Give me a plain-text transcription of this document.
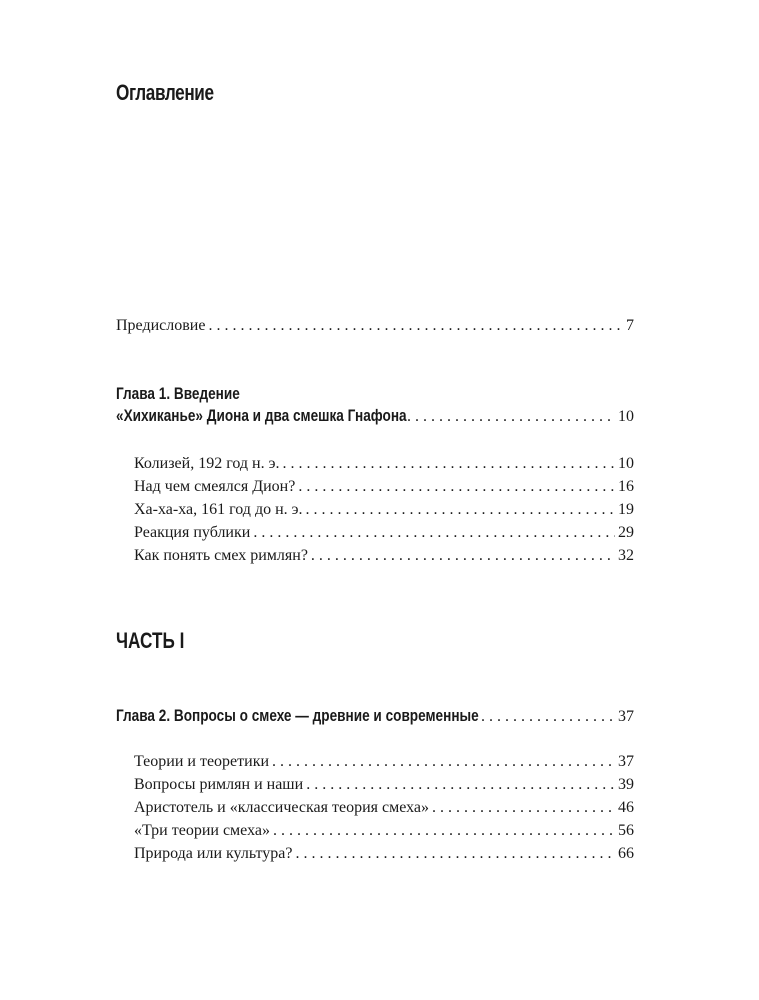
Оглавление
Предисловие . . .	7
Глава 1. Введение
«Хихиканье» Диона и два смешка Гнафона . . .	10
Колизей, 192 год н. э. . . .	10
Над чем смеялся Дион? . . .	16
Ха-ха-ха, 161 год до н. э. . . .	19
Реакция публики . . .	29
Как понять смех римлян? . . .	32
ЧАСТЬ I
Глава 2. Вопросы о смехе — древние и современные . . .	37
Теории и теоретики . . .	37
Вопросы римлян и наши . . .	39
Аристотель и «классическая теория смеха» . . .	46
«Три теории смеха» . . .	56
Природа или культура? . . .	66
